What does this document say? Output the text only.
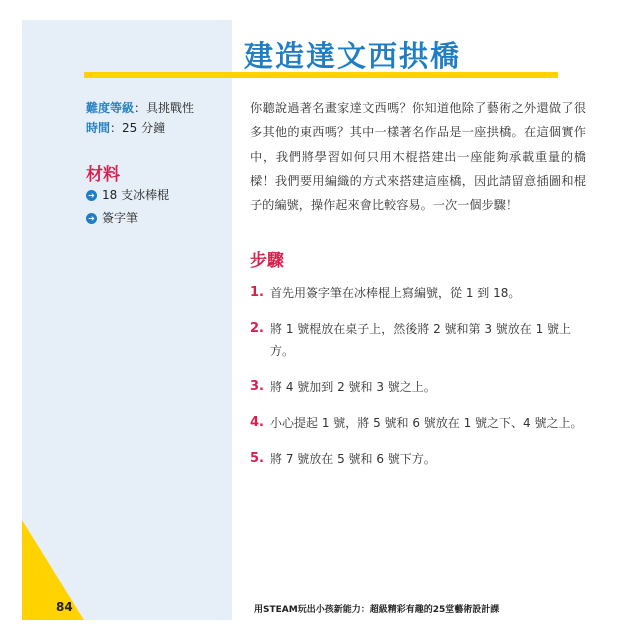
建造達文西拱橋
難度等級：具挑戰性
時間：25 分鐘
材料
➔ 18 支冰棒棍
➔ 簽字筆
你聽說過著名畫家達文西嗎？你知道他除了藝術之外還做了很多其他的東西嗎？其中一樣著名作品是一座拱橋。在這個實作中，我們將學習如何只用木棍搭建出一座能夠承載重量的橋樑！我們要用編織的方式來搭建這座橋，因此請留意插圖和棍子的編號，操作起來會比較容易。一次一個步驟！
步驟
1. 首先用簽字筆在冰棒棍上寫編號，從 1 到 18。
2. 將 1 號棍放在桌子上，然後將 2 號和第 3 號放在 1 號上方。
3. 將 4 號加到 2 號和 3 號之上。
4. 小心提起 1 號，將 5 號和 6 號放在 1 號之下、4 號之上。
5. 將 7 號放在 5 號和 6 號下方。
84	用STEAM玩出小孩新能力：超級精彩有趣的25堂藝術設計課
